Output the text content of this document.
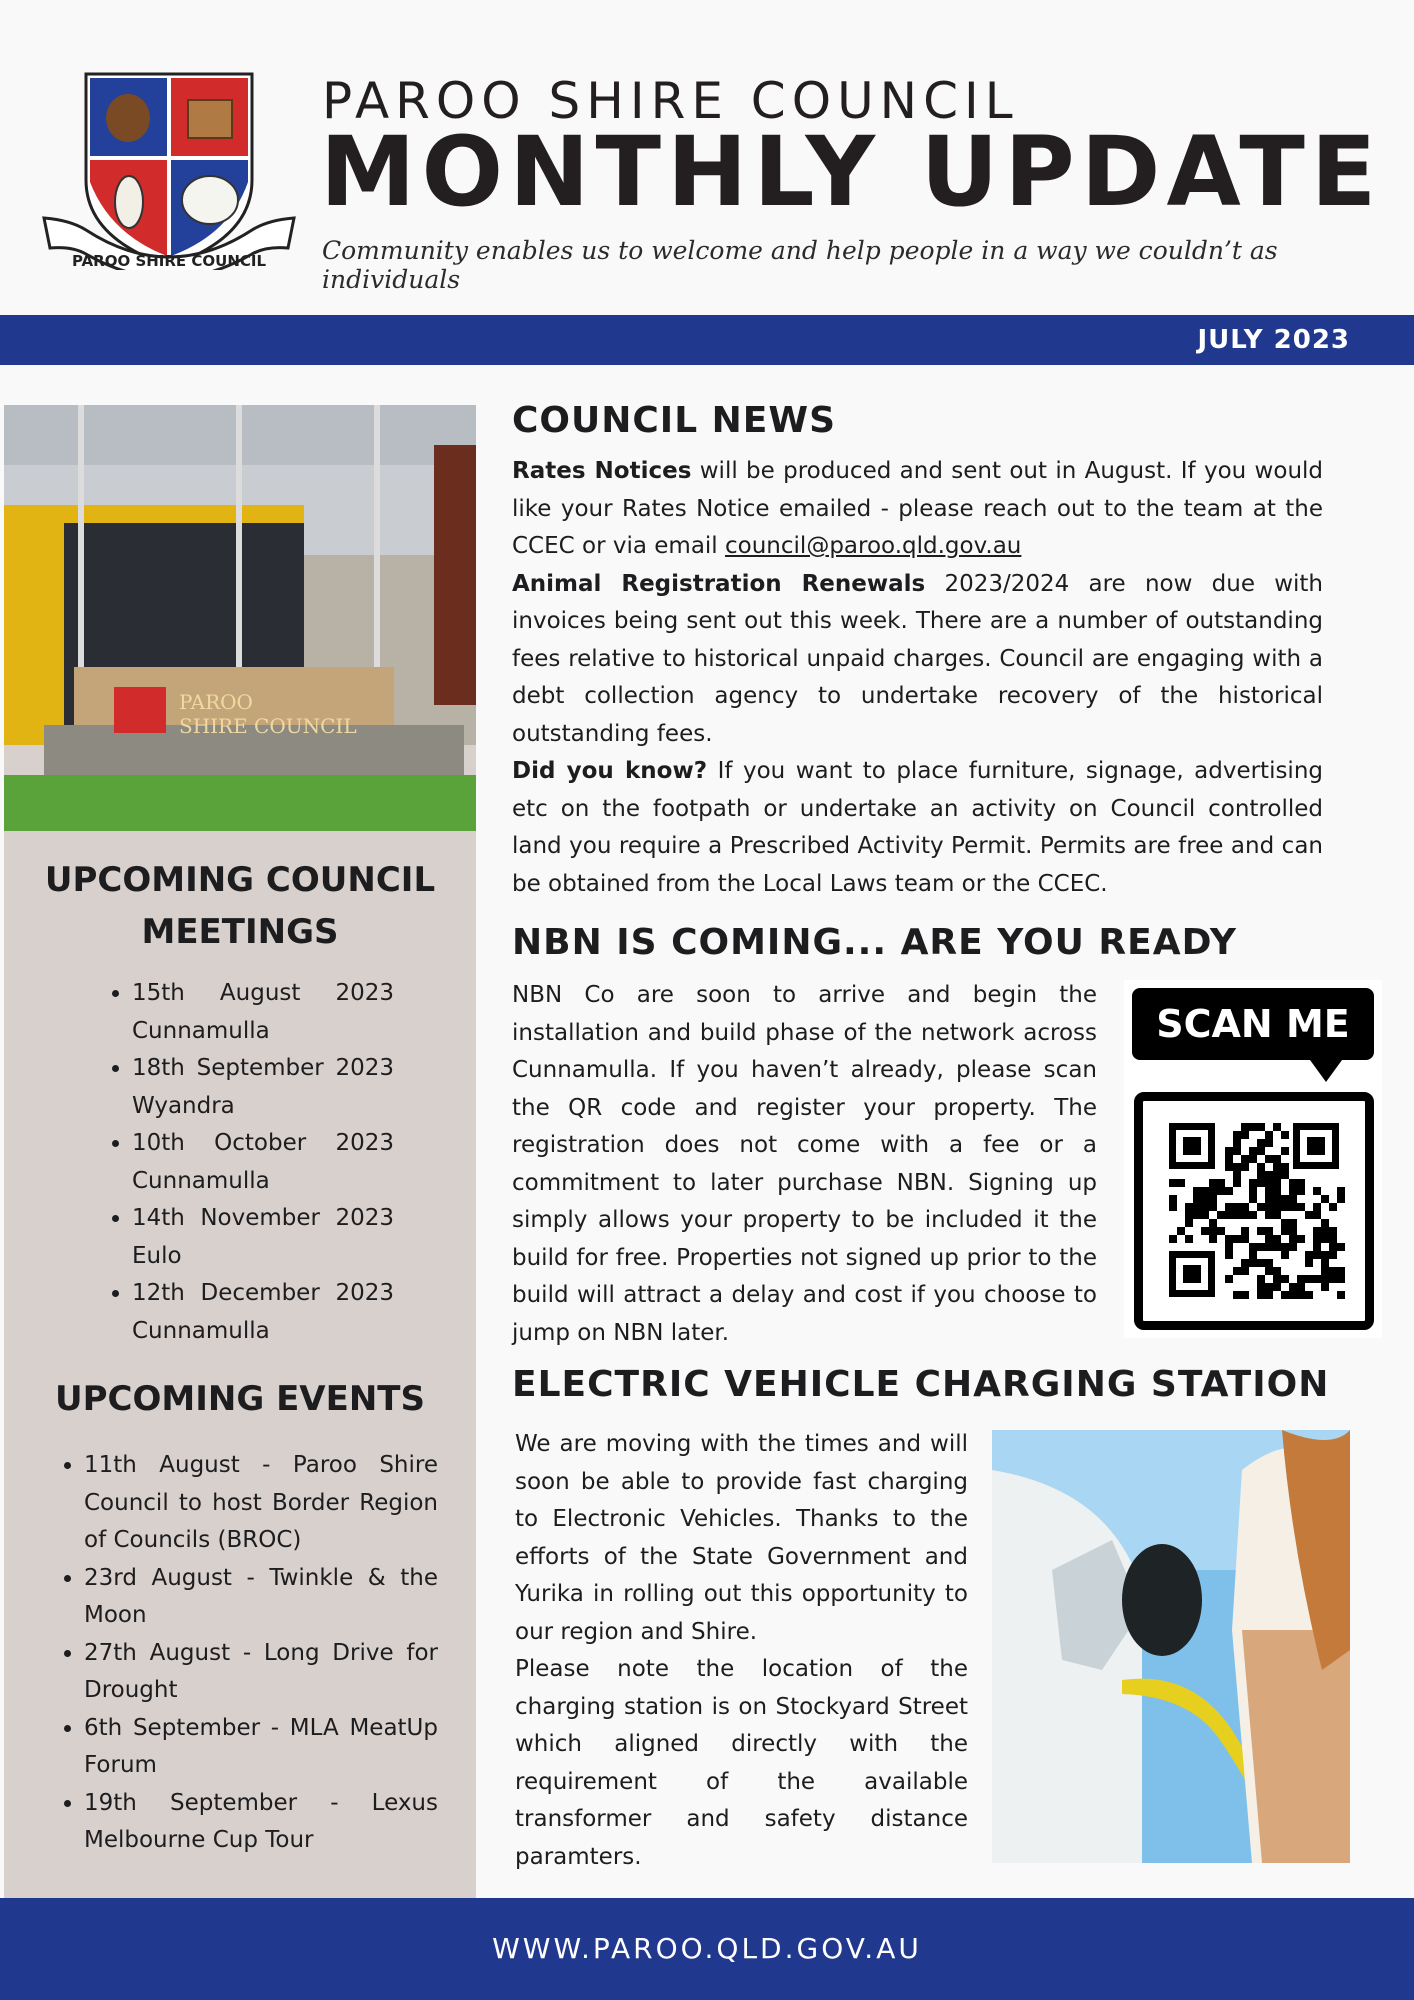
PAROO SHIRE COUNCIL
PAROO SHIRE COUNCIL
MONTHLY UPDATE
Community enables us to welcome and help people in a way we couldn’t as individuals
JULY 2023
PAROO
SHIRE COUNCIL
UPCOMING COUNCIL
MEETINGS
• 15th August 2023 Cunnamulla
• 18th September 2023 Wyandra
• 10th October 2023 Cunnamulla
• 14th November 2023 Eulo
• 12th December 2023 Cunnamulla
UPCOMING EVENTS
• 11th August - Paroo Shire Council to host Border Region of Councils (BROC)
• 23rd August - Twinkle & the Moon
• 27th August - Long Drive for Drought
• 6th September - MLA MeatUp Forum
• 19th September - Lexus Melbourne Cup Tour
COUNCIL NEWS

Rates Notices will be produced and sent out in August. If you would like your Rates Notice emailed - please reach out to the team at the CCEC or via email council@paroo.qld.gov.au

Animal Registration Renewals 2023/2024 are now due with invoices being sent out this week. There are a number of outstanding fees relative to historical unpaid charges. Council are engaging with a debt collection agency to undertake recovery of the historical outstanding fees.

Did you know? If you want to place furniture, signage, advertising etc on the footpath or undertake an activity on Council controlled land you require a Prescribed Activity Permit. Permits are free and can be obtained from the Local Laws team or the CCEC.

NBN IS COMING... ARE YOU READY
NBN Co are soon to arrive and begin the installation and build phase of the network across Cunnamulla. If you haven’t already, please scan the QR code and register your property. The registration does not come with a fee or a commitment to later purchase NBN. Signing up simply allows your property to be included it the build for free. Properties not signed up prior to the build will attract a delay and cost if you choose to jump on NBN later.
SCAN ME
ELECTRIC VEHICLE CHARGING STATION

We are moving with the times and will soon be able to provide fast charging to Electronic Vehicles. Thanks to the efforts of the State Government and Yurika in rolling out this opportunity to our region and Shire.

Please note the location of the charging station is on Stockyard Street which aligned directly with the requirement of the available transformer and safety distance paramters.

WWW.PAROO.QLD.GOV.AU
